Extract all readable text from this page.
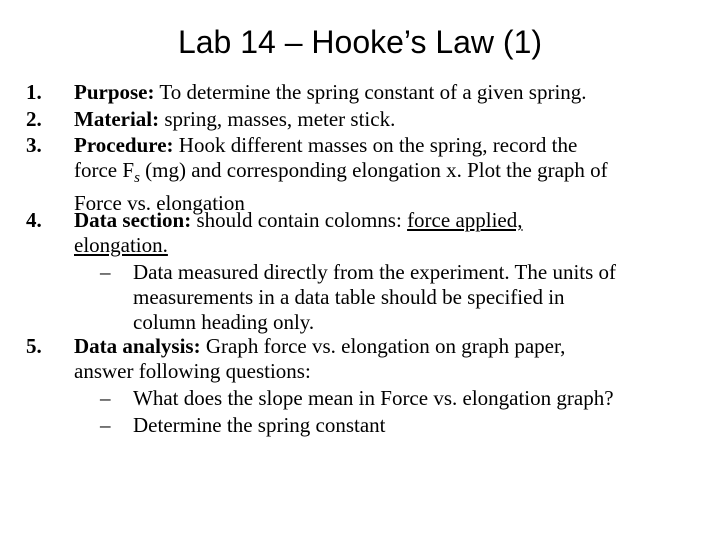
Lab 14 – Hooke’s Law (1)
1.	Purpose: To determine the spring constant of a given spring.
2.	Material: spring, masses, meter stick.
3.	Procedure: Hook different masses on the spring, record the
force $F_s$ (mg) and corresponding elongation x. Plot the graph of
Force vs. elongation
4.	Data section: should contain colomns: force applied,
elongation.
– Data measured directly from the experiment. The units of
measurements in a data table should be specified in
column heading only.
5.	Data analysis: Graph force vs. elongation on graph paper,
answer following questions:
– What does the slope mean in Force vs. elongation graph?
– Determine the spring constant
